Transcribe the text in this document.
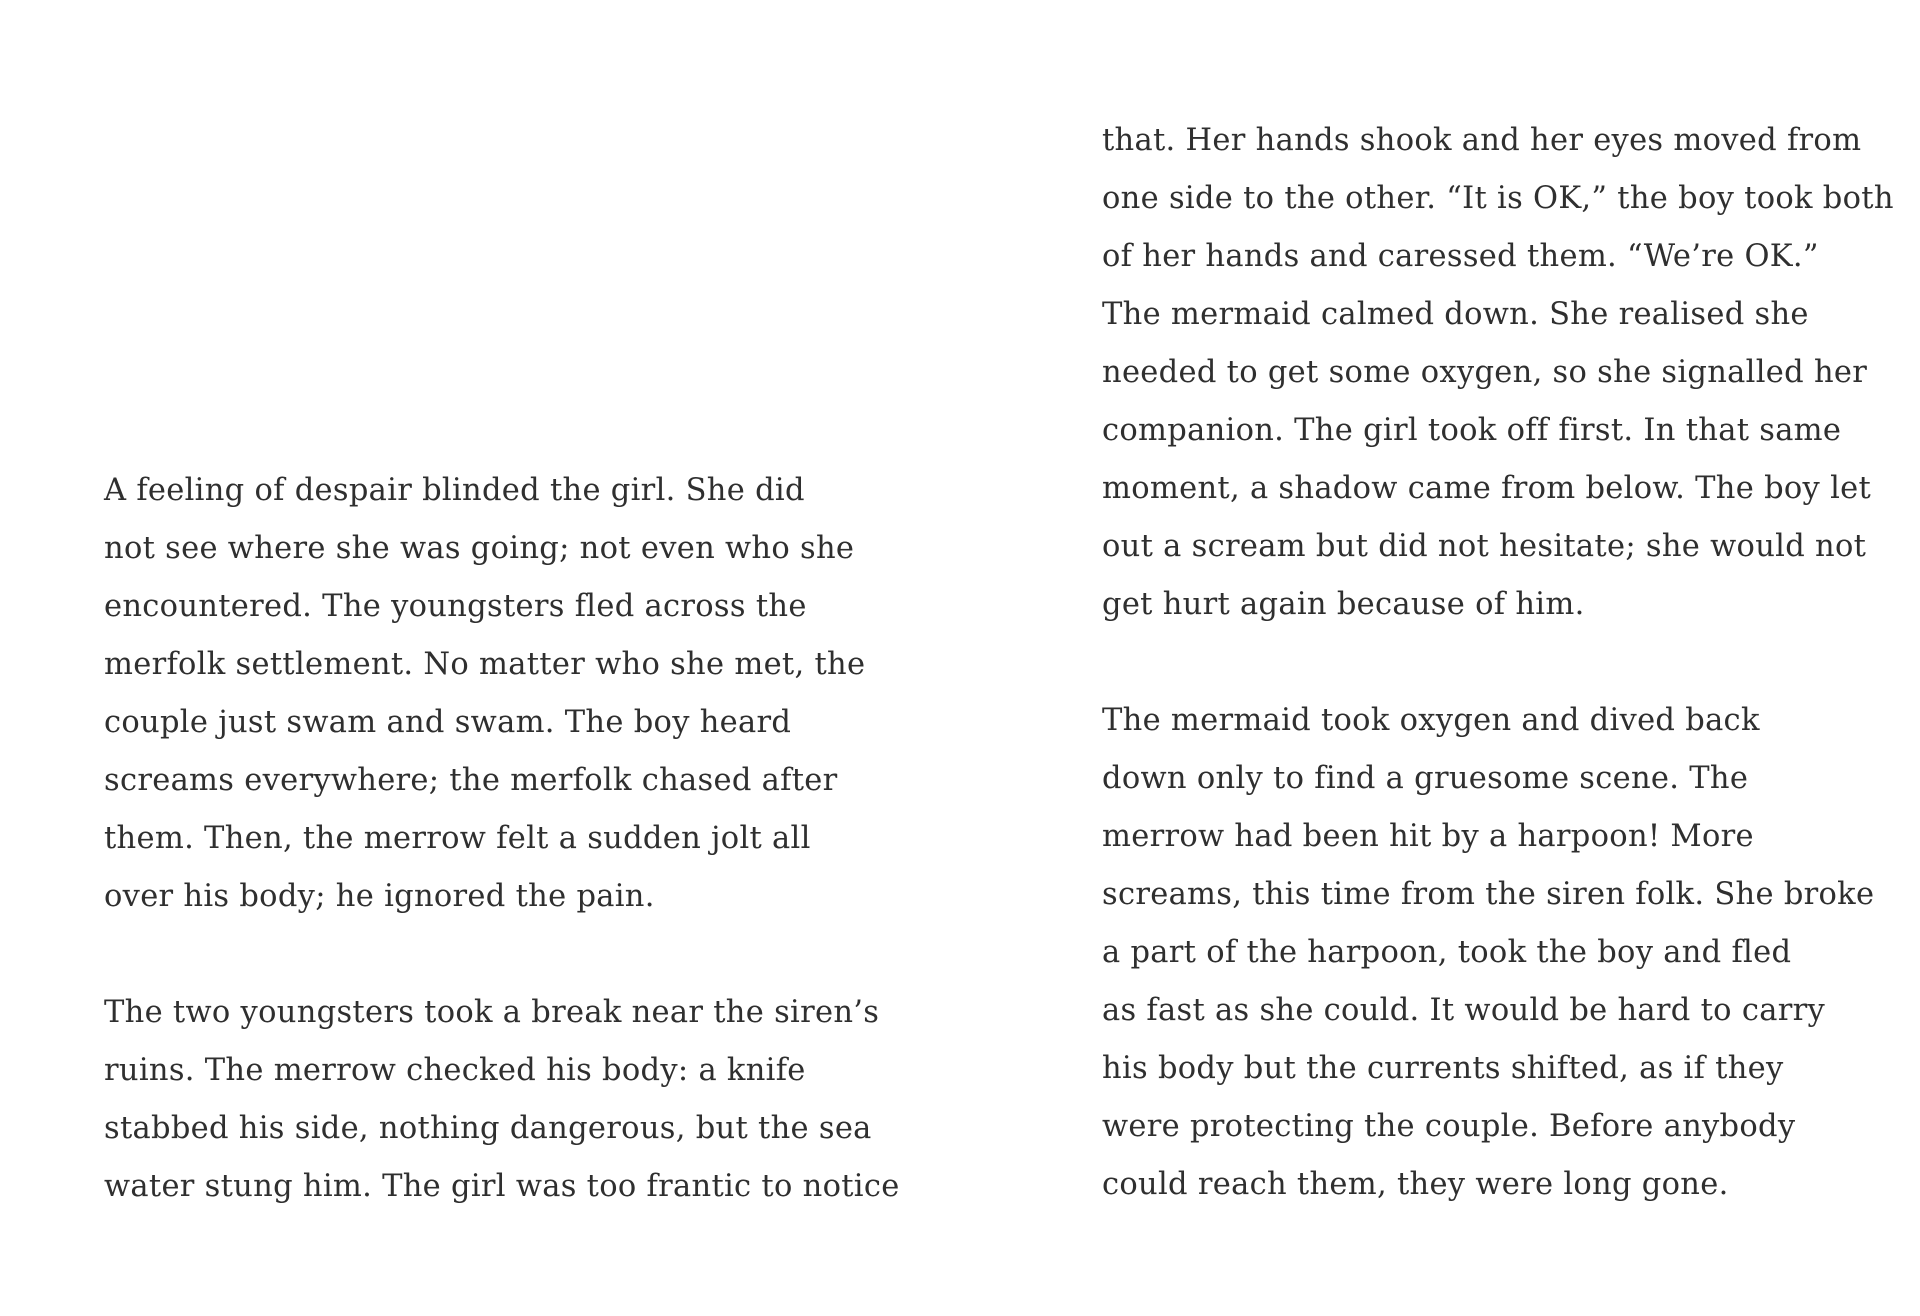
A feeling of despair blinded the girl. She did
not see where she was going; not even who she
encountered. The youngsters fled across the
merfolk settlement. No matter who she met, the
couple just swam and swam. The boy heard
screams everywhere; the merfolk chased after
them. Then, the merrow felt a sudden jolt all
over his body; he ignored the pain.
The two youngsters took a break near the siren’s
ruins. The merrow checked his body: a knife
stabbed his side, nothing dangerous, but the sea
water stung him. The girl was too frantic to notice
that. Her hands shook and her eyes moved from
one side to the other. “It is OK,” the boy took both
of her hands and caressed them. “We’re OK.”
The mermaid calmed down. She realised she
needed to get some oxygen, so she signalled her
companion. The girl took off first. In that same
moment, a shadow came from below. The boy let
out a scream but did not hesitate; she would not
get hurt again because of him.
The mermaid took oxygen and dived back
down only to find a gruesome scene. The
merrow had been hit by a harpoon! More
screams, this time from the siren folk. She broke
a part of the harpoon, took the boy and fled
as fast as she could. It would be hard to carry
his body but the currents shifted, as if they
were protecting the couple. Before anybody
could reach them, they were long gone.
